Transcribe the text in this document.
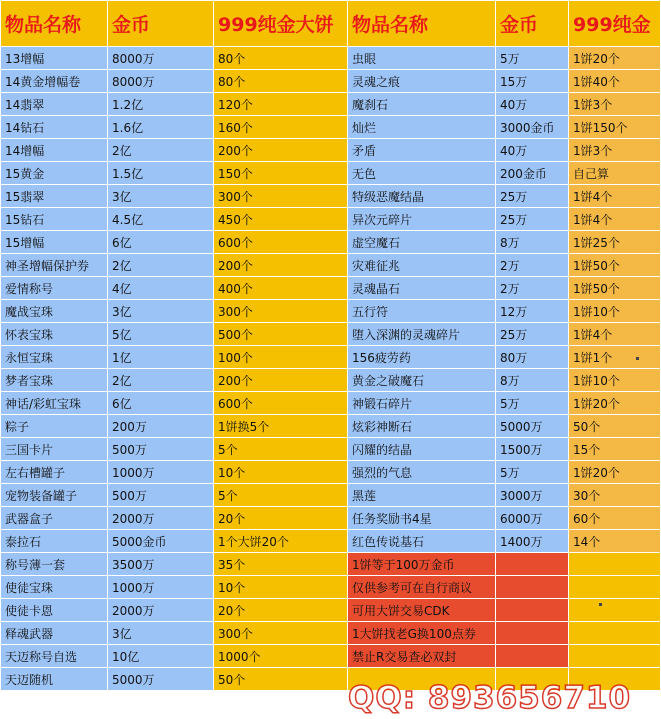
物品名称	金币	999纯金大饼	物品名称	金币	999纯金
13增幅	8000万	80个	虫眼	5万	1饼20个
14黄金增幅卷	8000万	80个	灵魂之痕	15万	1饼40个
14翡翠	1.2亿	120个	魔刹石	40万	1饼3个
14钻石	1.6亿	160个	灿烂	3000金币	1饼150个
14增幅	2亿	200个	矛盾	40万	1饼3个
15黄金	1.5亿	150个	无色	200金币	自己算
15翡翠	3亿	300个	特级恶魔结晶	25万	1饼4个
15钻石	4.5亿	450个	异次元碎片	25万	1饼4个
15增幅	6亿	600个	虚空魔石	8万	1饼25个
神圣增幅保护券	2亿	200个	灾难征兆	2万	1饼50个
爱情称号	4亿	400个	灵魂晶石	2万	1饼50个
魔战宝珠	3亿	300个	五行符	12万	1饼10个
怀表宝珠	5亿	500个	堕入深渊的灵魂碎片	25万	1饼4个
永恒宝珠	1亿	100个	156疲劳药	80万	1饼1个
梦者宝珠	2亿	200个	黄金之破魔石	8万	1饼10个
神话/彩虹宝珠	6亿	600个	神锻石碎片	5万	1饼20个
粽子	200万	1饼换5个	炫彩神断石	5000万	50个
三国卡片	500万	5个	闪耀的结晶	1500万	15个
左右槽罐子	1000万	10个	强烈的气息	5万	1饼20个
宠物装备罐子	500万	5个	黑莲	3000万	30个
武器盒子	2000万	20个	任务奖励书4星	6000万	60个
泰拉石	5000金币	1个大饼20个	红色传说基石	1400万	14个
称号薄一套	3500万	35个	1饼等于100万金币		
使徒宝珠	1000万	10个	仅供参考可在自行商议		
使徒卡恩	2000万	20个	可用大饼交易CDK		
释魂武器	3亿	300个	1大饼找老G换100点券		
天迈称号自选	10亿	1000个	禁止R交易查必双封		
天迈随机	5000万	50个			
QQ: 893656710
